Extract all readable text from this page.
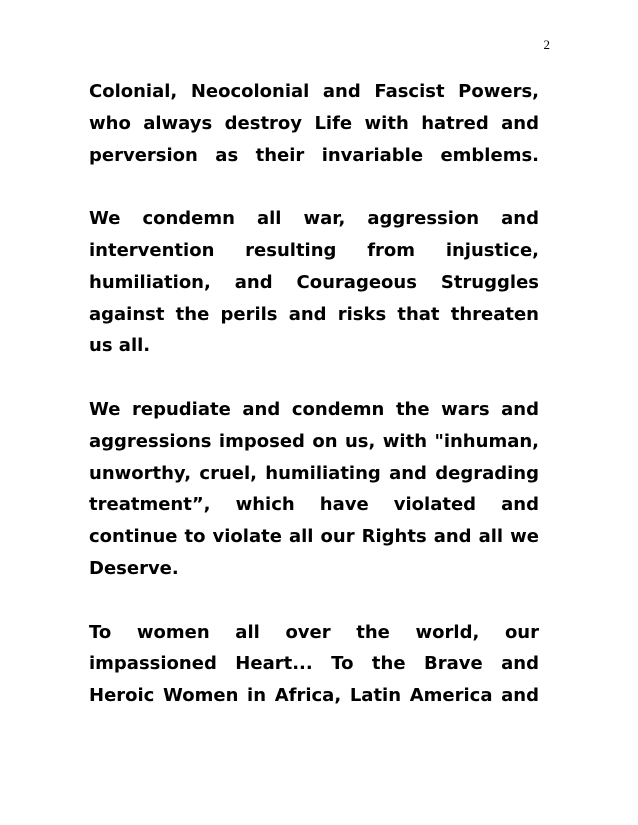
2
Colonial, Neocolonial and Fascist Powers,
who always destroy Life with hatred and
perversion as their invariable emblems.
We condemn all war, aggression and
intervention resulting from injustice,
humiliation, and Courageous Struggles
against the perils and risks that threaten
us all.
We repudiate and condemn the wars and
aggressions imposed on us, with "inhuman,
unworthy, cruel, humiliating and degrading
treatment”, which have violated and
continue to violate all our Rights and all we
Deserve.
To women all over the world, our
impassioned Heart... To the Brave and
Heroic Women in Africa, Latin America and
